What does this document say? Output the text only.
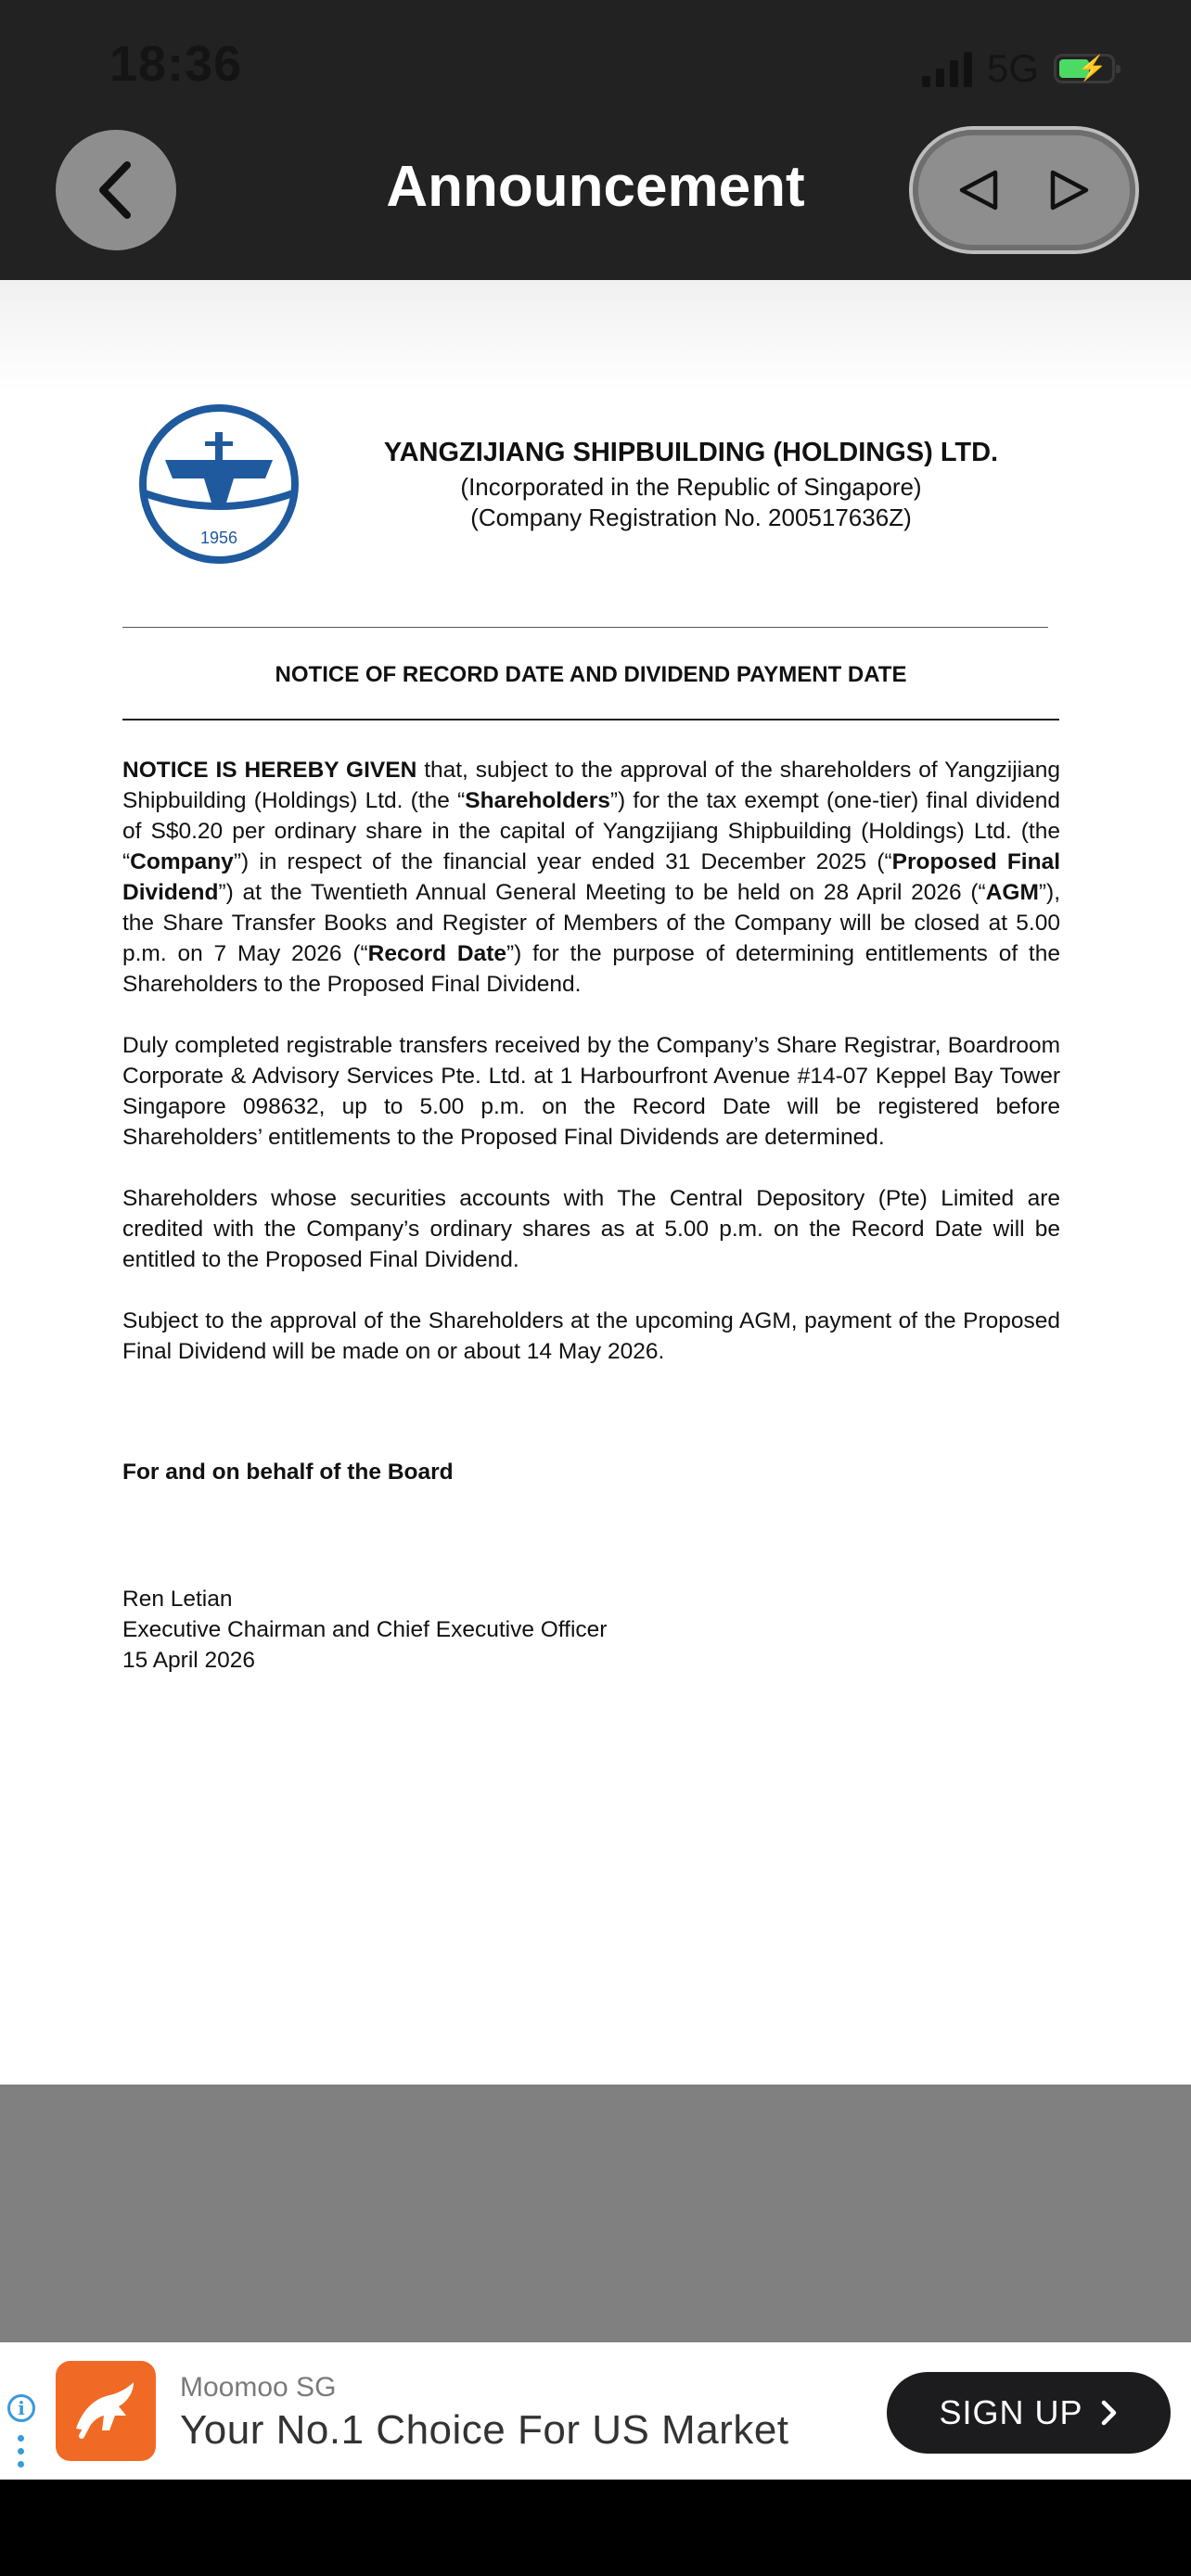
18:36	5G ⚡
Announcement
1956
YANGZIJIANG SHIPBUILDING (HOLDINGS) LTD.
(Incorporated in the Republic of Singapore)
(Company Registration No. 200517636Z)
NOTICE OF RECORD DATE AND DIVIDEND PAYMENT DATE

NOTICE IS HEREBY GIVEN that, subject to the approval of the shareholders of Yangzijiang Shipbuilding (Holdings) Ltd. (the “Shareholders”) for the tax exempt (one-tier) final dividend of S$0.20 per ordinary share in the capital of Yangzijiang Shipbuilding (Holdings) Ltd. (the “Company”) in respect of the financial year ended 31 December 2025 (“Proposed Final Dividend”) at the Twentieth Annual General Meeting to be held on 28 April 2026 (“AGM”), the Share Transfer Books and Register of Members of the Company will be closed at 5.00 p.m. on 7 May 2026 (“Record Date”) for the purpose of determining entitlements of the Shareholders to the Proposed Final Dividend.

Duly completed registrable transfers received by the Company’s Share Registrar, Boardroom Corporate & Advisory Services Pte. Ltd. at 1 Harbourfront Avenue #14-07 Keppel Bay Tower Singapore 098632, up to 5.00 p.m. on the Record Date will be registered before Shareholders’ entitlements to the Proposed Final Dividends are determined.

Shareholders whose securities accounts with The Central Depository (Pte) Limited are credited with the Company’s ordinary shares as at 5.00 p.m. on the Record Date will be entitled to the Proposed Final Dividend.

Subject to the approval of the Shareholders at the upcoming AGM, payment of the Proposed Final Dividend will be made on or about 14 May 2026.

For and on behalf of the Board
Ren Letian
Executive Chairman and Chief Executive Officer
15 April 2026
i
Moomoo SG
Your No.1 Choice For US Market	SIGN UP
